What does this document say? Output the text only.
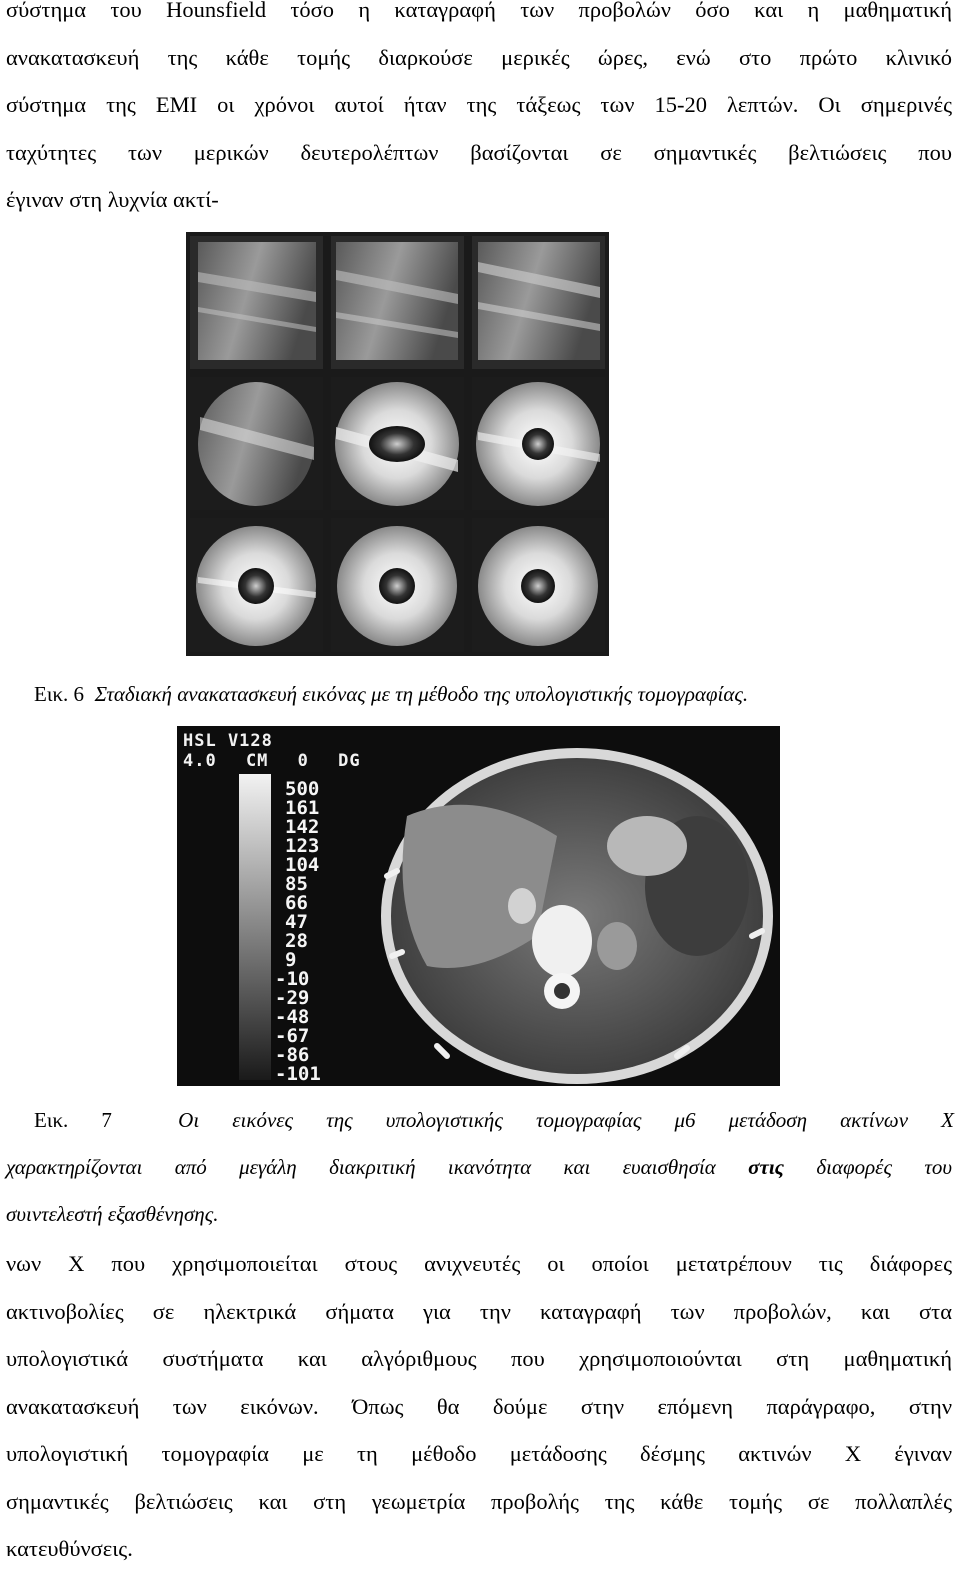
σύστημα του Hounsfield τόσο η καταγραφή των προβολών όσο και η μαθηματική
ανακατασκευή της κάθε τομής διαρκούσε μερικές ώρες, ενώ στο πρώτο κλινικό
σύστημα της EMI οι χρόνοι αυτοί ήταν της τάξεως των 15-20 λεπτών. Οι σημερινές
ταχύτητες των μερικών δευτερολέπτων βασίζονται σε σημαντικές βελτιώσεις που
έγιναν στη λυχνία ακτί-
Εικ. 6 Σταδιακή ανακατασκευή εικόνας με τη μέθοδο της υπολογιστικής τομογραφίας.
HSL V128
4.0 CM 0 DG
500
161
142
123
104
85
66
47
28
9
-10
-29
-48
-67
-86
-101
Εικ. 7	Οι εικόνες της υπολογιστικής τομογραφίας μ6 μετάδοση ακτίνων Χ
χαρακτηρίζονται από μεγάλη διακριτική ικανότητα και ευαισθησία στις διαφορές του
συιντελεστή εξασθένησης.
νων Χ που χρησιμοποιείται στους ανιχνευτές οι οποίοι μετατρέπουν τις διάφορες
ακτινοβολίες σε ηλεκτρικά σήματα για την καταγραφή των προβολών, και στα
υπολογιστικά συστήματα και αλγόριθμους που χρησιμοποιούνται στη μαθηματική
ανακατασκευή των εικόνων. Όπως θα δούμε στην επόμενη παράγραφο, στην
υπολογιστική τομογραφία με τη μέθοδο μετάδοσης δέσμης ακτινών Χ έγιναν
σημαντικές βελτιώσεις και στη γεωμετρία προβολής της κάθε τομής σε πολλαπλές
κατευθύνσεις.
